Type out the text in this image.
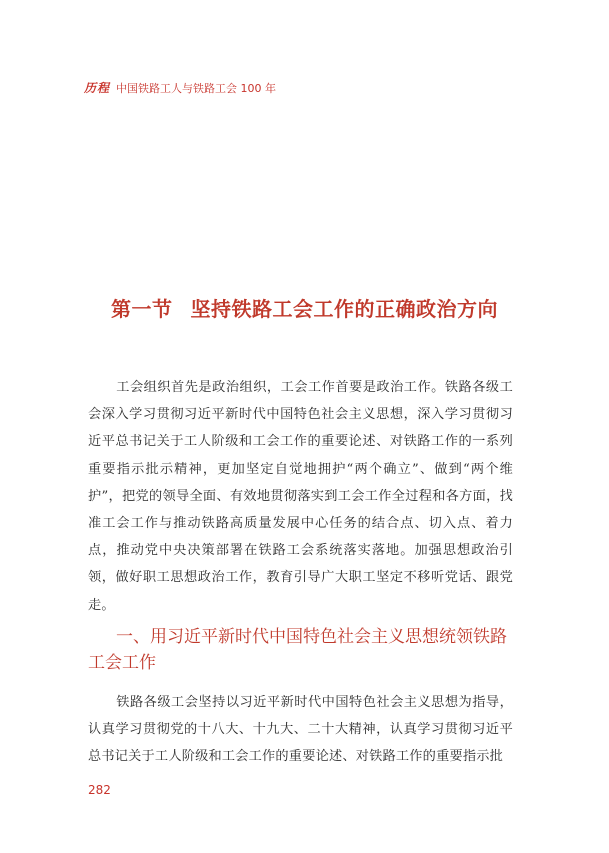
历程 中国铁路工人与铁路工会 100 年
第一节 坚持铁路工会工作的正确政治方向
工会组织首先是政治组织，工会工作首要是政治工作。铁路各级工会深入学习贯彻习近平新时代中国特色社会主义思想，深入学习贯彻习近平总书记关于工人阶级和工会工作的重要论述、对铁路工作的一系列重要指示批示精神，更加坚定自觉地拥护“两个确立”、做到“两个维护”，把党的领导全面、有效地贯彻落实到工会工作全过程和各方面，找准工会工作与推动铁路高质量发展中心任务的结合点、切入点、着力点，推动党中央决策部署在铁路工会系统落实落地。加强思想政治引领，做好职工思想政治工作，教育引导广大职工坚定不移听党话、跟党走。
一、用习近平新时代中国特色社会主义思想统领铁路工会工作
铁路各级工会坚持以习近平新时代中国特色社会主义思想为指导，认真学习贯彻党的十八大、十九大、二十大精神，认真学习贯彻习近平总书记关于工人阶级和工会工作的重要论述、对铁路工作的重要指示批
282
